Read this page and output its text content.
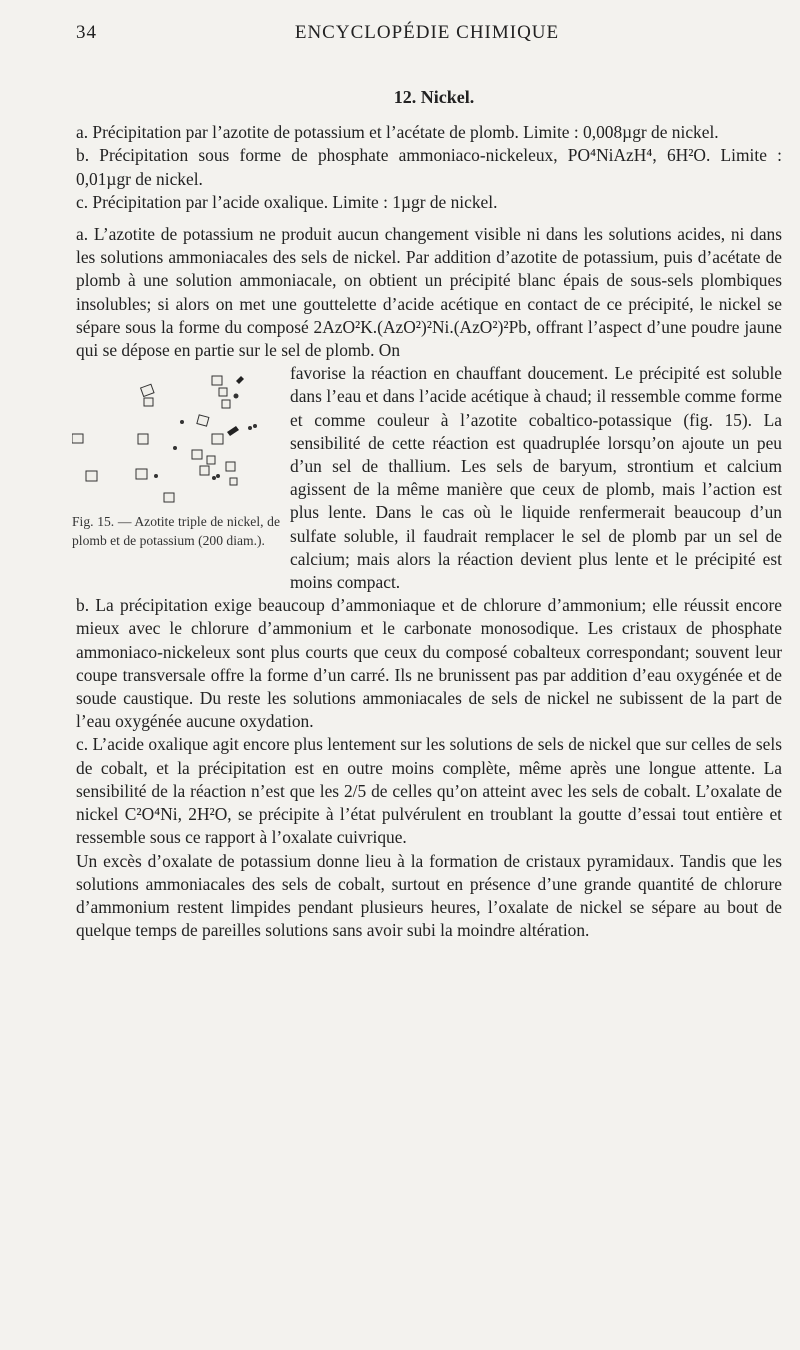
34	ENCYCLOPÉDIE CHIMIQUE

12. Nickel.

a. Précipitation par l’azotite de potassium et l’acétate de plomb. Limite : 0,008µgr de nickel.

b. Précipitation sous forme de phosphate ammoniaco-nickeleux, PO⁴NiAzH⁴, 6H²O. Limite : 0,01µgr de nickel.

c. Précipitation par l’acide oxalique. Limite : 1µgr de nickel.

a. L’azotite de potassium ne produit aucun changement visible ni dans les solutions acides, ni dans les solutions ammoniacales des sels de nickel. Par addition d’azotite de potassium, puis d’acétate de plomb à une solution ammoniacale, on obtient un précipité blanc épais de sous-sels plombiques insolubles; si alors on met une gouttelette d’acide acétique en contact de ce précipité, le nickel se sépare sous la forme du composé 2AzO²K.(AzO²)²Ni.(AzO²)²Pb, offrant l’aspect d’une poudre jaune qui se dépose en partie sur le sel de plomb. On

Fig. 15. — Azotite triple de nickel, de plomb et de potassium (200 diam.).

favorise la réaction en chauffant doucement. Le précipité est soluble dans l’eau et dans l’acide acétique à chaud; il ressemble comme forme et comme couleur à l’azotite cobaltico-potassique (fig. 15). La sensibilité de cette réaction est quadruplée lorsqu’on ajoute un peu d’un sel de thallium. Les sels de baryum, strontium et calcium agissent de la même manière que ceux de plomb, mais l’action est plus lente. Dans le cas où le liquide renfermerait beaucoup d’un sulfate soluble, il faudrait remplacer le sel de plomb par un sel de calcium; mais alors la réaction devient plus lente et le précipité est moins compact.

b. La précipitation exige beaucoup d’ammoniaque et de chlorure d’ammonium; elle réussit encore mieux avec le chlorure d’ammonium et le carbonate monosodique. Les cristaux de phosphate ammoniaco-nickeleux sont plus courts que ceux du composé cobalteux correspondant; souvent leur coupe transversale offre la forme d’un carré. Ils ne brunissent pas par addition d’eau oxygénée et de soude caustique. Du reste les solutions ammoniacales de sels de nickel ne subissent de la part de l’eau oxygénée aucune oxydation.

c. L’acide oxalique agit encore plus lentement sur les solutions de sels de nickel que sur celles de sels de cobalt, et la précipitation est en outre moins complète, même après une longue attente. La sensibilité de la réaction n’est que les 2/5 de celles qu’on atteint avec les sels de cobalt. L’oxalate de nickel C²O⁴Ni, 2H²O, se précipite à l’état pulvérulent en troublant la goutte d’essai tout entière et ressemble sous ce rapport à l’oxalate cuivrique.

Un excès d’oxalate de potassium donne lieu à la formation de cristaux pyramidaux. Tandis que les solutions ammoniacales des sels de cobalt, surtout en présence d’une grande quantité de chlorure d’ammonium restent limpides pendant plusieurs heures, l’oxalate de nickel se sépare au bout de quelque temps de pareilles solutions sans avoir subi la moindre altération.
